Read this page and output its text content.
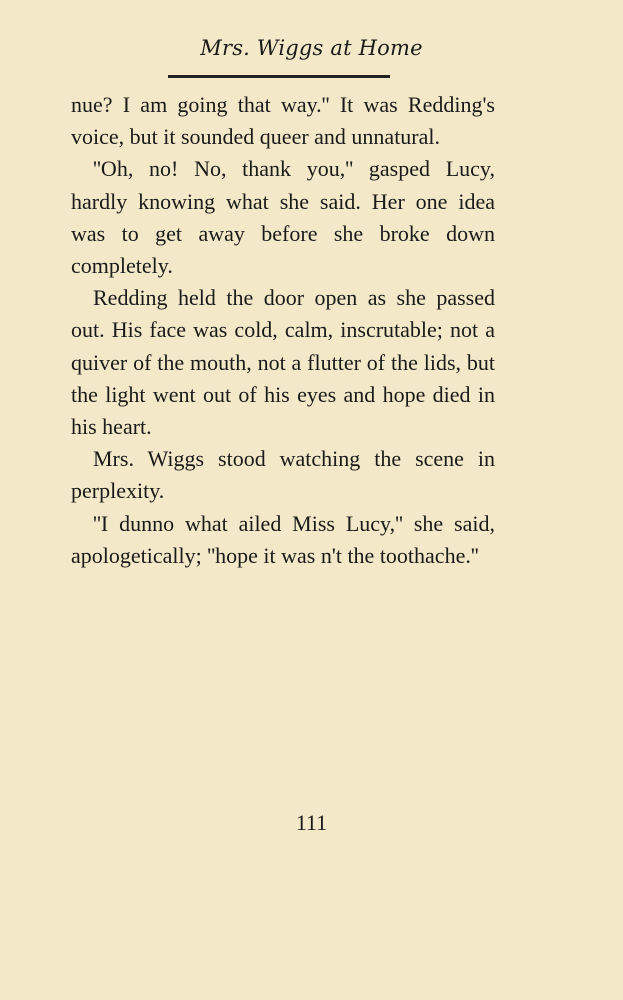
Mrs. Wiggs at Home

nue? I am going that way.'' It was Redding's voice, but it sounded queer and unnatural.

''Oh, no! No, thank you,'' gasped Lucy, hardly knowing what she said. Her one idea was to get away before she broke down completely.

Redding held the door open as she passed out. His face was cold, calm, inscrutable; not a quiver of the mouth, not a flutter of the lids, but the light went out of his eyes and hope died in his heart.

Mrs. Wiggs stood watching the scene in perplexity.

''I dunno what ailed Miss Lucy,'' she said, apologetically; ''hope it was n't the toothache.''

111
